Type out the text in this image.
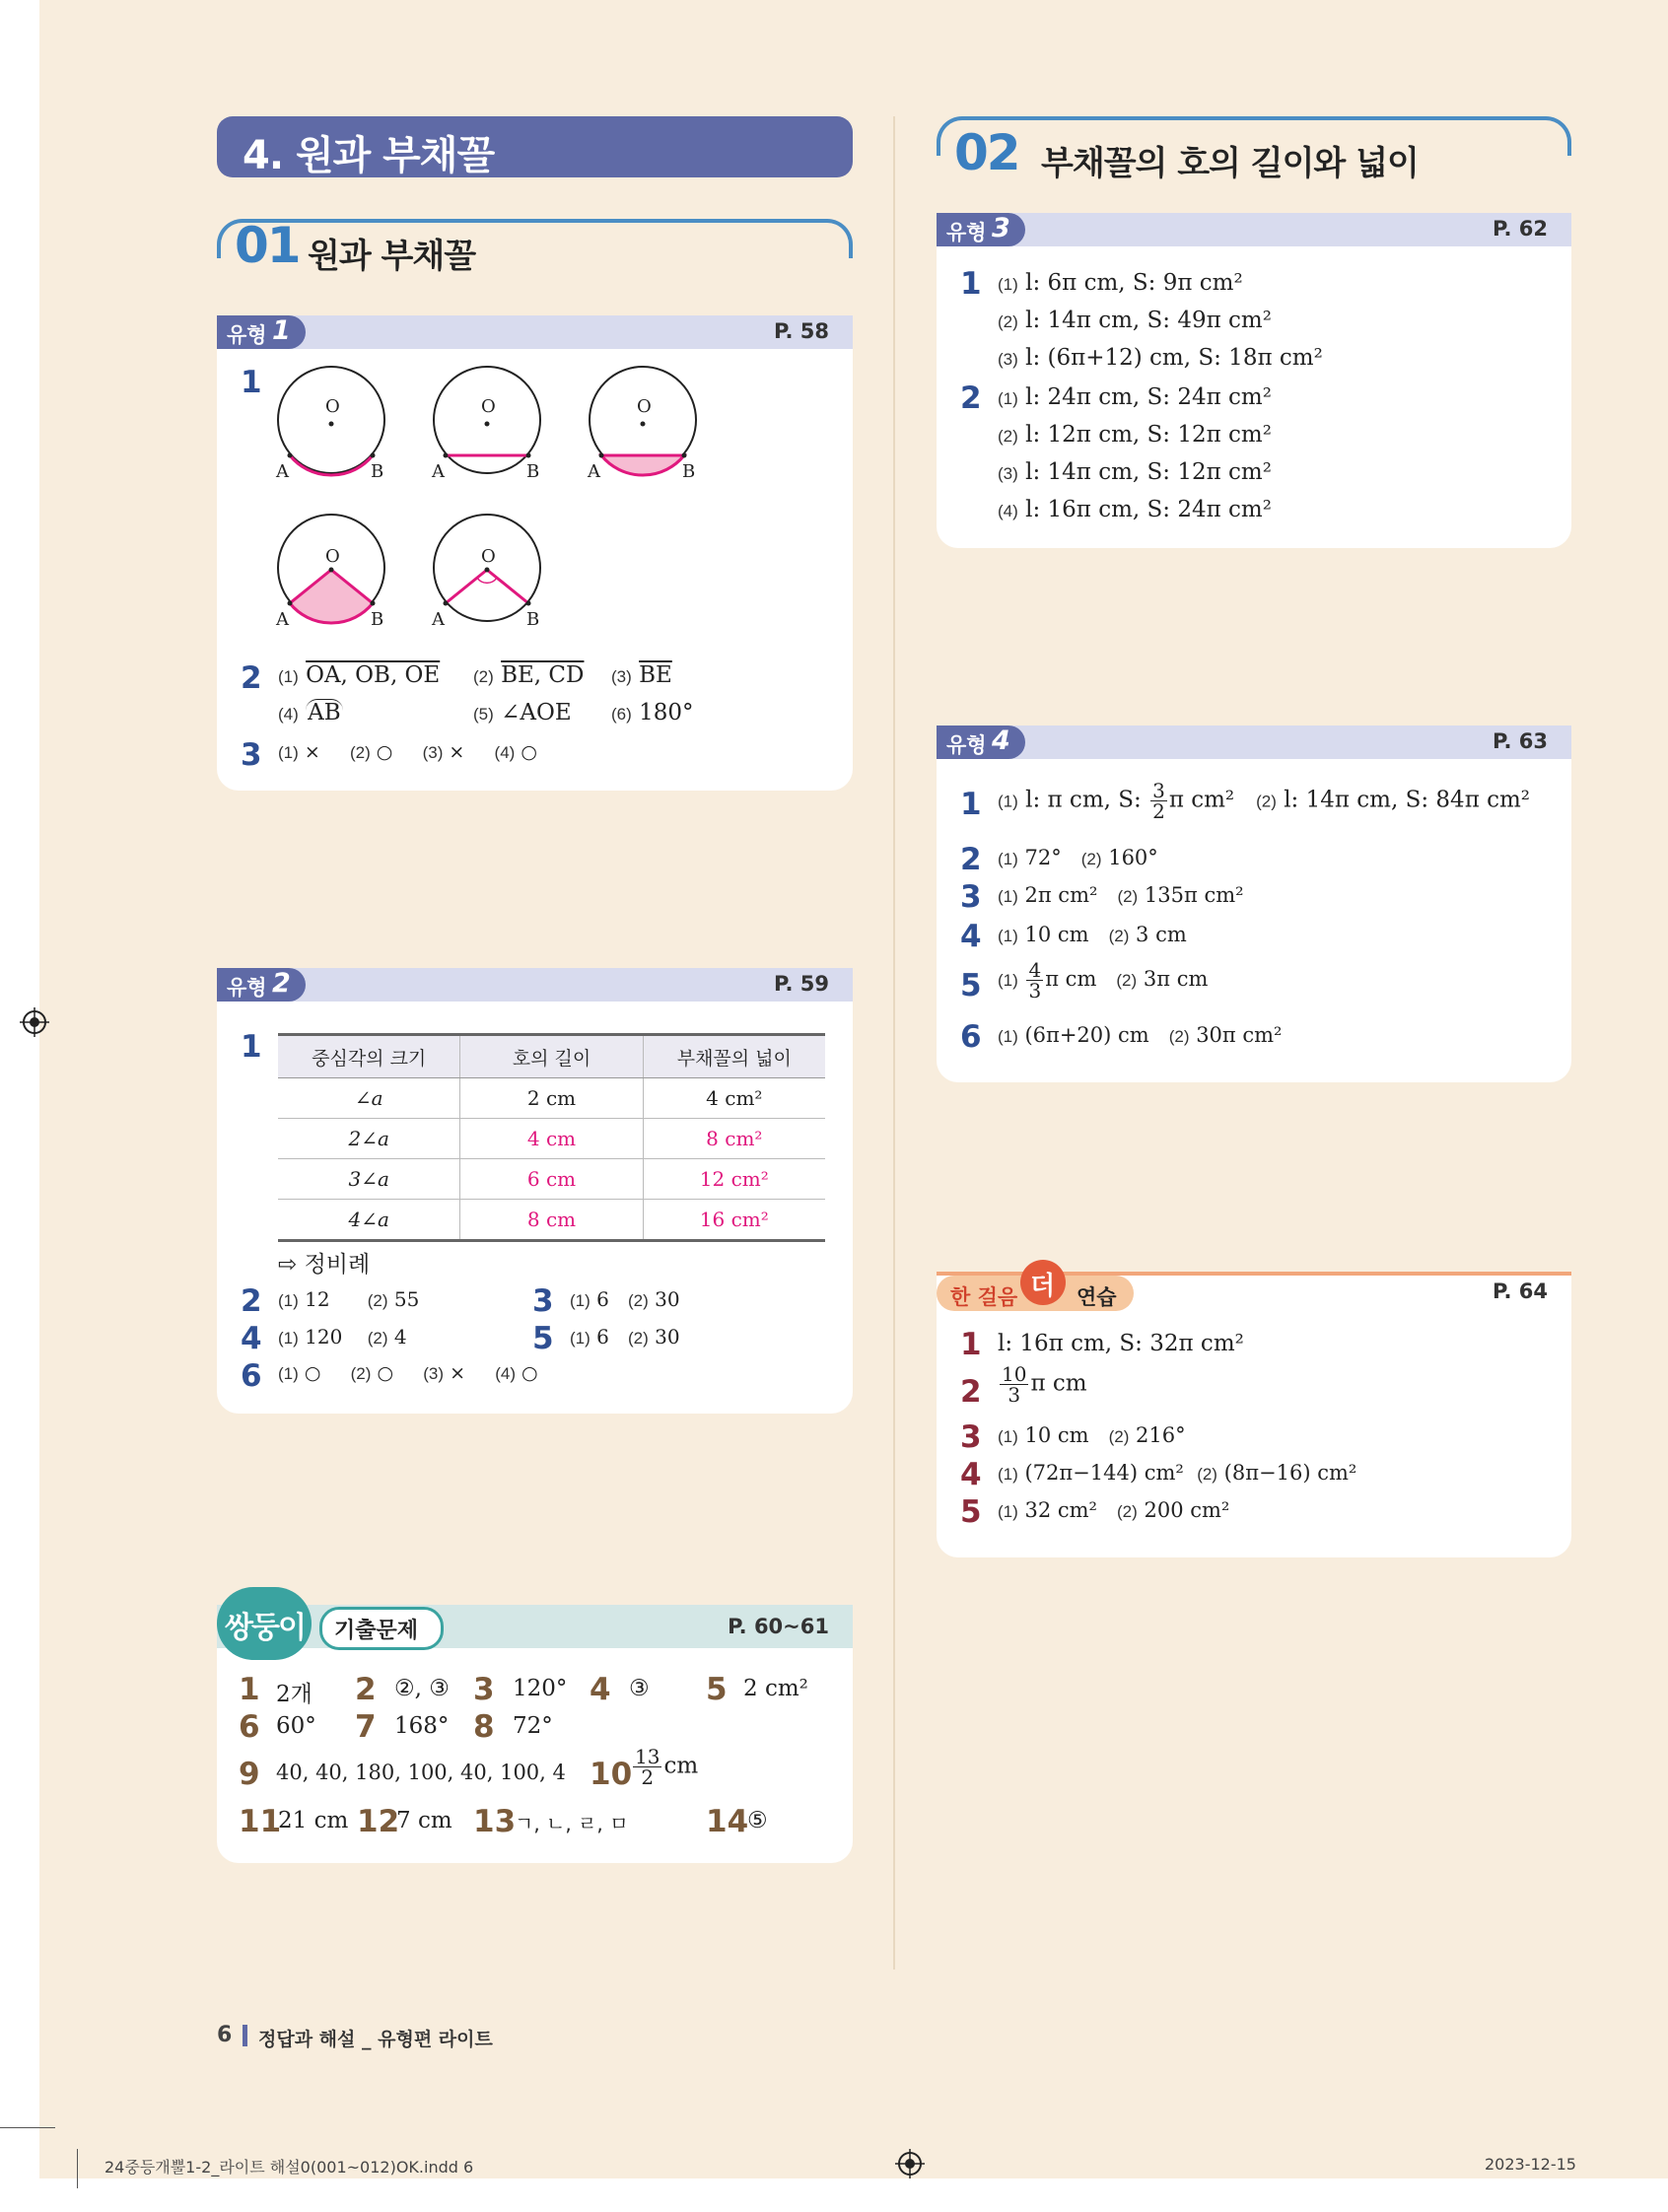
4. 원과 부채꼴
01 원과 부채꼴
유형 1	P. 58
1
O	O	O
O	O
A	B	A	B	A	B
A	B	A	B
2 (1) OA, OB, OE (2) BE, CD (3) $\overline{BE}$
(4) AB	(5) ∠AOE (6) 180°
3 (1) × (2) ○ (3) × (4) ○
유형 2	P. 59
1	중심각의 크기	호의 길이	부채꼴의 넓이
∠a	2 cm	4 cm²
2∠a	4 cm	8 cm²
3∠a	6 cm	12 cm²
4∠a	8 cm	16 cm²
⇨ 정비례
2 (1) 12 (2) 55	3 (1) 6 (2) 30
4 (1) 120 (2) 4	5 (1) 6 (2) 30
6 (1) ○ (2) ○ (3) × (4) ○
쌍둥이 기출문제	P. 60~61
1 2개 2 ②, ③ 3 120° 4 ③ 5 2 cm²
6 60° 7 168° 8 72°
9 40, 40, 180, 100, 40, 100, 4 $10 \frac{13}{2}$ cm
11
21 cm 12
7 cm 13
ㄱ, ㄴ, ㄹ, ㅁ	14
⑤
02 부채꼴의 호의 길이와 넓이
유형 3	P. 62
1 (1) l: 6π cm, S: 9π cm²
(2) l: 14π cm, S: 49π cm²
(3) l: (6π+12) cm, S: 18π cm²
2 (1) l: 24π cm, S: 24π cm²
(2) l: 12π cm, S: 12π cm²
(3) l: 14π cm, S: 12π cm²
(4) l: 16π cm, S: 24π cm²
유형 4	P. 63
1 (1) l: π cm, S: $\frac{3}{2}$ π cm² (2) l: 14π cm, S: 84π cm²
2 (1) 72° (2) 160°
3 (1) 2π cm² (2) 135π cm²
4 (1) 10 cm (2) 3 cm
5 $(1) \frac{4}{3}$ π cm (2) 3π cm
6 (1) (6π+20) cm (2) 30π cm²
한 걸음	연습
더	P. 64
1 l: 16π cm, S: 32π cm²
$2 \frac{10}{3}$ π cm
3 (1) 10 cm (2) 216°
4 (1) (72π−144) cm² (2) (8π−16) cm²
5 (1) 32 cm² (2) 200 cm²
6 정답과 해설 _ 유형편 라이트
24중등개뿔1-2_라이트 해설0(001~012)OK.indd 6	2023-12-15
